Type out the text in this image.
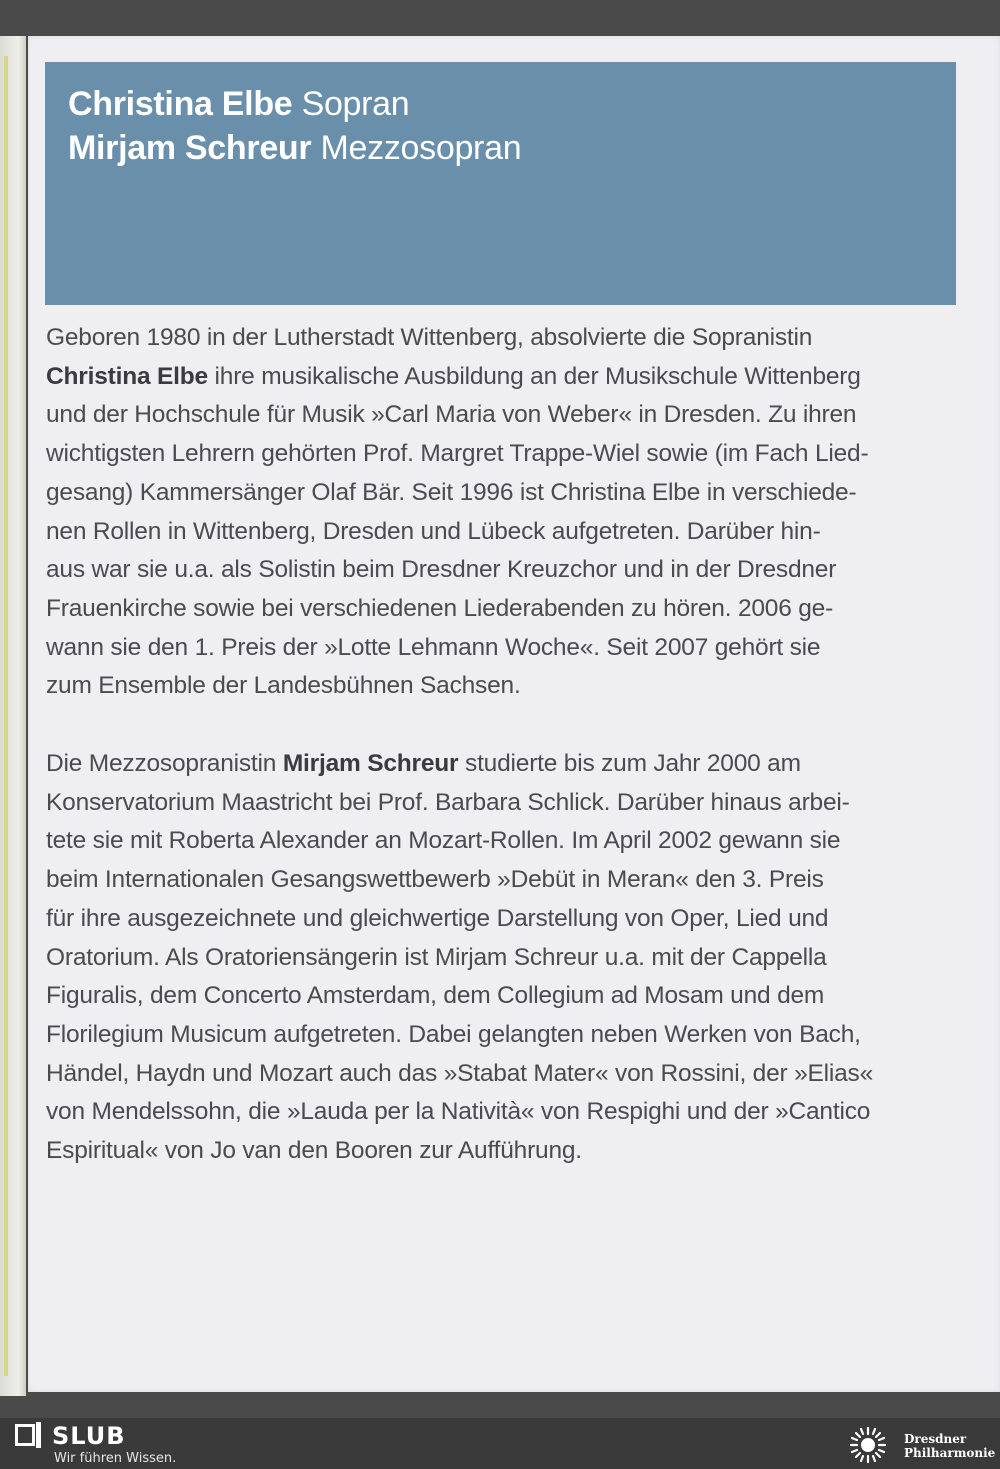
Christina Elbe Sopran
Mirjam Schreur Mezzosopran
Geboren 1980 in der Lutherstadt Wittenberg, absolvierte die Sopranistin
Christina Elbe ihre musikalische Ausbildung an der Musikschule Wittenberg
und der Hochschule für Musik »Carl Maria von Weber« in Dresden. Zu ihren
wichtigsten Lehrern gehörten Prof. Margret Trappe-Wiel sowie (im Fach Lied-
gesang) Kammersänger Olaf Bär. Seit 1996 ist Christina Elbe in verschiede-
nen Rollen in Wittenberg, Dresden und Lübeck aufgetreten. Darüber hin-
aus war sie u.a. als Solistin beim Dresdner Kreuzchor und in der Dresdner
Frauenkirche sowie bei verschiedenen Liederabenden zu hören. 2006 ge-
wann sie den 1. Preis der »Lotte Lehmann Woche«. Seit 2007 gehört sie
zum Ensemble der Landesbühnen Sachsen.
Die Mezzosopranistin Mirjam Schreur studierte bis zum Jahr 2000 am
Konservatorium Maastricht bei Prof. Barbara Schlick. Darüber hinaus arbei-
tete sie mit Roberta Alexander an Mozart-Rollen. Im April 2002 gewann sie
beim Internationalen Gesangswettbewerb »Debüt in Meran« den 3. Preis
für ihre ausgezeichnete und gleichwertige Darstellung von Oper, Lied und
Oratorium. Als Oratoriensängerin ist Mirjam Schreur u.a. mit der Cappella
Figuralis, dem Concerto Amsterdam, dem Collegium ad Mosam und dem
Florilegium Musicum aufgetreten. Dabei gelangten neben Werken von Bach,
Händel, Haydn und Mozart auch das »Stabat Mater« von Rossini, der »Elias«
von Mendelssohn, die »Lauda per la Natività« von Respighi und der »Cantico
Espiritual« von Jo van den Booren zur Aufführung.
SLUB
Wir führen Wissen.
Dresdner
Philharmonie
